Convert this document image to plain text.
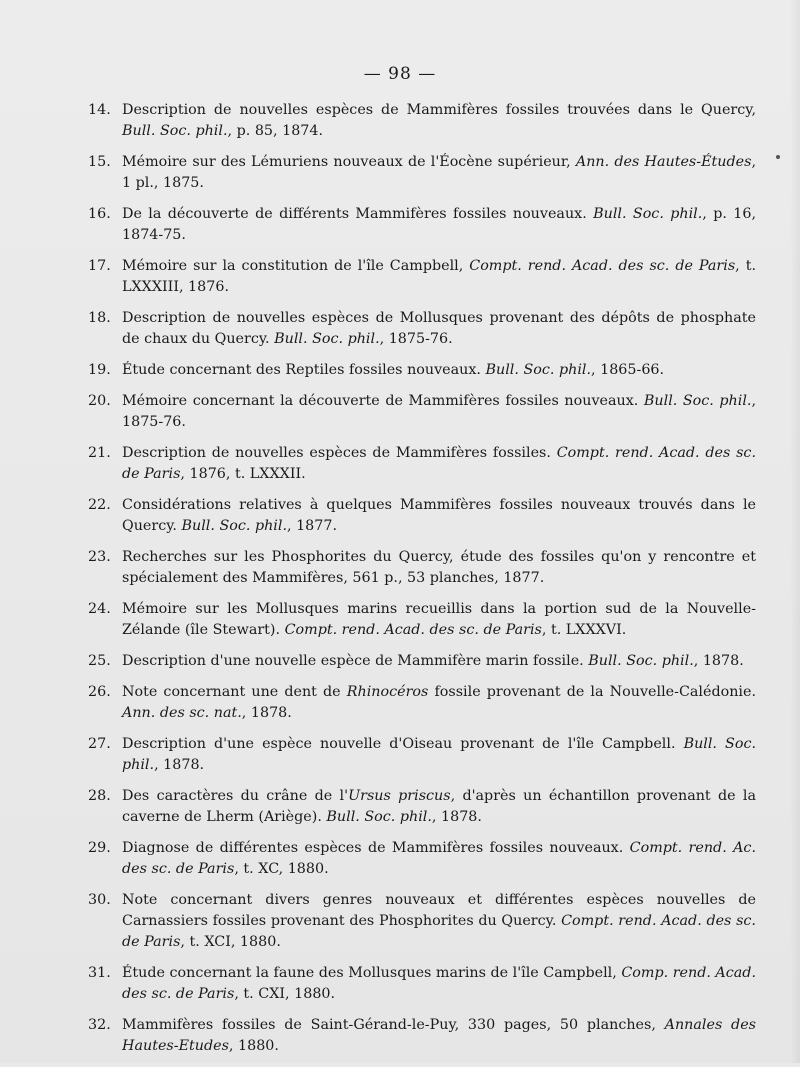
— 98 —
14. Description de nouvelles espèces de Mammifères fossiles trouvées dans le Quercy, Bull. Soc. phil., p. 85, 1874.
15. Mémoire sur des Lémuriens nouveaux de l'Éocène supérieur, Ann. des Hautes-Études, 1 pl., 1875.
16. De la découverte de différents Mammifères fossiles nouveaux. Bull. Soc. phil., p. 16, 1874-75.
17. Mémoire sur la constitution de l'île Campbell, Compt. rend. Acad. des sc. de Paris, t. LXXXIII, 1876.
18. Description de nouvelles espèces de Mollusques provenant des dépôts de phosphate de chaux du Quercy. Bull. Soc. phil., 1875-76.
19. Étude concernant des Reptiles fossiles nouveaux. Bull. Soc. phil., 1865-66.
20. Mémoire concernant la découverte de Mammifères fossiles nouveaux. Bull. Soc. phil., 1875-76.
21. Description de nouvelles espèces de Mammifères fossiles. Compt. rend. Acad. des sc. de Paris, 1876, t. LXXXII.
22. Considérations relatives à quelques Mammifères fossiles nouveaux trouvés dans le Quercy. Bull. Soc. phil., 1877.
23. Recherches sur les Phosphorites du Quercy, étude des fossiles qu'on y rencontre et spécialement des Mammifères, 561 p., 53 planches, 1877.
24. Mémoire sur les Mollusques marins recueillis dans la portion sud de la Nouvelle-Zélande (île Stewart). Compt. rend. Acad. des sc. de Paris, t. LXXXVI.
25. Description d'une nouvelle espèce de Mammifère marin fossile. Bull. Soc. phil., 1878.
26. Note concernant une dent de Rhinocéros fossile provenant de la Nouvelle-Calédonie. Ann. des sc. nat., 1878.
27. Description d'une espèce nouvelle d'Oiseau provenant de l'île Campbell. Bull. Soc. phil., 1878.
28. Des caractères du crâne de l'Ursus priscus, d'après un échantillon provenant de la caverne de Lherm (Ariège). Bull. Soc. phil., 1878.
29. Diagnose de différentes espèces de Mammifères fossiles nouveaux. Compt. rend. Ac. des sc. de Paris, t. XC, 1880.
30. Note concernant divers genres nouveaux et différentes espèces nouvelles de Carnassiers fossiles provenant des Phosphorites du Quercy. Compt. rend. Acad. des sc. de Paris, t. XCI, 1880.
31. Étude concernant la faune des Mollusques marins de l'île Campbell, Comp. rend. Acad. des sc. de Paris, t. CXI, 1880.
32. Mammifères fossiles de Saint-Gérand-le-Puy, 330 pages, 50 planches, Annales des Hautes-Etudes, 1880.
